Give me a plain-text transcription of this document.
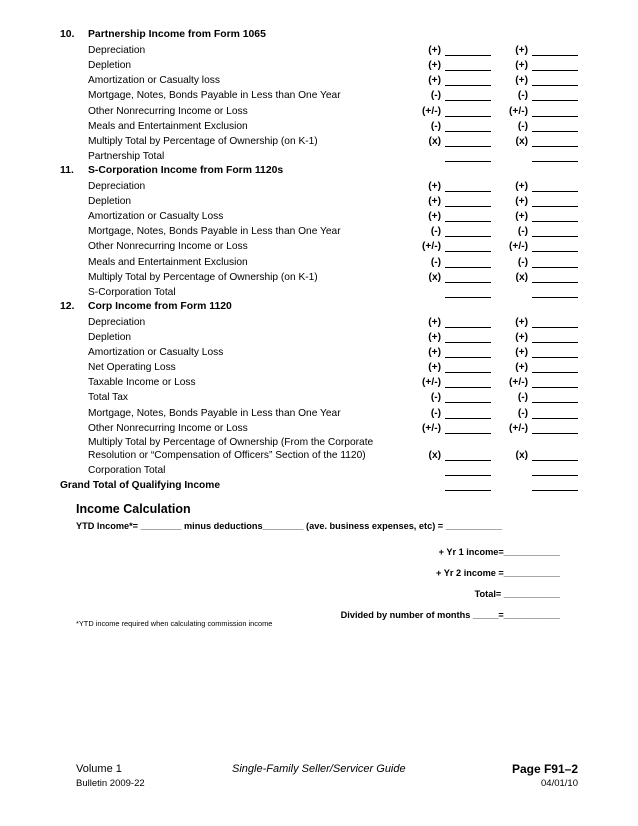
10. Partnership Income from Form 1065
Depreciation	(+)	(+)
Depletion	(+)	(+)
Amortization or Casualty loss	(+)	(+)
Mortgage, Notes, Bonds Payable in Less than One Year	(-)	(-)
Other Nonrecurring Income or Loss	(+/-)	(+/-)
Meals and Entertainment Exclusion	(-)	(-)
Multiply Total by Percentage of Ownership (on K-1)	(x)	(x)
Partnership Total
11. S-Corporation Income from Form 1120s
Depreciation	(+)	(+)
Depletion	(+)	(+)
Amortization or Casualty Loss	(+)	(+)
Mortgage, Notes, Bonds Payable in Less than One Year	(-)	(-)
Other Nonrecurring Income or Loss	(+/-)	(+/-)
Meals and Entertainment Exclusion	(-)	(-)
Multiply Total by Percentage of Ownership (on K-1)	(x)	(x)
S-Corporation Total
12. Corp Income from Form 1120
Depreciation	(+)	(+)
Depletion	(+)	(+)
Amortization or Casualty Loss	(+)	(+)
Net Operating Loss	(+)	(+)
Taxable Income or Loss	(+/-)	(+/-)
Total Tax	(-)	(-)
Mortgage, Notes, Bonds Payable in Less than One Year	(-)	(-)
Other Nonrecurring Income or Loss	(+/-)	(+/-)
Multiply Total by Percentage of Ownership (From the Corporate
Resolution or “Compensation of Officers” Section of the 1120)	(x)	(x)
Corporation Total
Grand Total of Qualifying Income
Income Calculation
YTD Income*= ________ minus deductions________ (ave. business expenses, etc) = ___________
+ Yr 1 income=___________
+ Yr 2 income =___________
Total= ___________
Divided by number of months _____=___________
*YTD income required when calculating commission income
Volume 1
Bulletin 2009-22
Single-Family Seller/Servicer Guide	Page F91–2
04/01/10
